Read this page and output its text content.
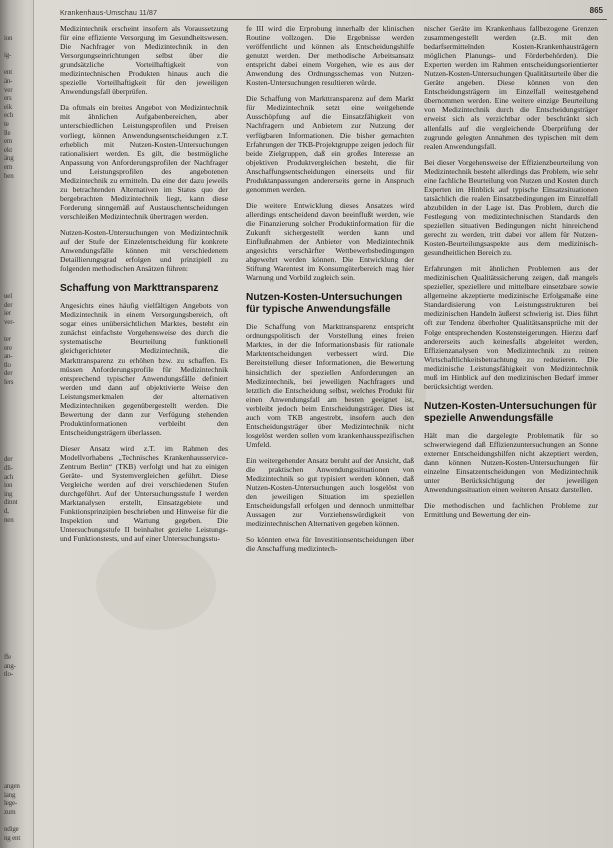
ion
ig-
ent
än-
ver
ers
eik
ech
te
lle
em
ekt
äng
ern
ben
uel
der
ier
ver-
ter
ere
an-
tlo
der
lers
der
dli-
ach
ion
ing
dinnt
d,
nen
ffe
ang-
tlo-
angen
iang
lege-
zum
ndige
ng ent
Krankenhaus-Umschau 11/87	865

Medizintechnik erscheint insofern als Voraussetzung für eine effiziente Versorgung im Gesundheitswesen. Die Nachfrager von Medizintechnik in den Versorgungseinrichtungen selbst über die grundsätzliche Vorteilhaftigkeit von medizintechnischen Produkten hinaus auch die spezielle Vorteilhaftigkeit für den jeweiligen Anwendungsfall überprüfen.

Da oftmals ein breites Angebot von Medizintechnik mit ähnlichen Aufgabenbereichen, aber unterschiedlichen Leistungsprofilen und Preisen vorliegt, können Anwendungsentscheidungen z.T. erheblich mit Nutzen-Kosten-Untersuchungen rationalisiert werden. Es gilt, die bestmögliche Anpassung von Anforderungsprofilen der Nachfrager und Leistungsprofilen des angebotenen Medizintechnik zu ermitteln. Da eine der dazu jeweils zu betrachtenden Alternativen im Status quo der bergebrachten Medizintechnik liegt, kann diese Forderung sinngemäß auf Austauschentscheidungen verschleißen Medizintechnik übertragen werden.

Nutzen-Kosten-Untersuchungen von Medizintechnik auf der Stufe der Einzelentscheidung für konkrete Anwendungsfälle können mit verschiedenem Detaillierungsgrad erfolgen und prinzipiell zu folgenden methodischen Ansätzen führen:

Schaffung von Markttransparenz

Angesichts eines häufig vielfältigen Angebots von Medizintechnik in einem Versorgungsbereich, oft sogar eines unübersichtlichen Marktes, besteht ein zunächst einfachste Vorgehensweise des durch die systematische Beurteilung funktionell gleichgerichteter Medizintechnik, die Markttransparenz zu erhöhen bzw. zu schaffen. Es müssen Anforderungsprofile für Medizintechnik entsprechend typischer Anwendungsfälle definiert werden und dann auf objektivierte Weise den Leistungsmerkmalen der alternativen Medizintechniken gegenübergestellt werden. Die Bewertung der dann zur Verfügung stehenden Produktinformationen verbleibt den Entscheidungsträgern überlassen.

Dieser Ansatz wird z.T. im Rahmen des Modellvorhabens „Technisches Krankenhausservice-Zentrum Berlin“ (TKB) verfolgt und hat zu einigen Geräte- und Systemvergleichen geführt. Diese Vergleiche werden auf drei verschiedenen Stufen durchgeführt. Auf der Untersuchungsstufe I werden Marktanalysen erstellt, Einsatzgebiete und Funktionsprinzipien beschrieben und Hinweise für die Inspektion und Wartung gegeben. Die Untersuchungsstufe II beinhaltet gezielte Leistungs- und Funktionstests, und auf einer Untersuchungsstu-

fe III wird die Erprobung innerhalb der klinischen Routine vollzogen. Die Ergebnisse werden veröffentlicht und können als Entscheidungshilfe genutzt werden. Der methodische Arbeitsansatz entspricht dabei einem Vorgehen, wie es aus der Anwendung des Ordnungsschemas von Nutzen-Kosten-Untersuchungen resultieren würde.

Die Schaffung von Markttransparenz auf dem Markt für Medizintechnik setzt eine weitgehende Ausschöpfung auf die Einsatzfähigkeit von Nachfragern und Anbietern zur Nutzung der verfügbaren Informationen. Die bisher gemachten Erfahrungen der TKB-Projektgruppe zeigen jedoch für beide Zielgruppen, daß ein großes Interesse an objektiven Produktvergleichen besteht, die für Anschaffungsentscheidungen einerseits und für Produktanpassungen andererseits gerne in Anspruch genommen werden.

Die weitere Entwicklung dieses Ansatzes wird allerdings entscheidend davon beeinflußt werden, wie die Finanzierung solcher Produktinformation für die Zukunft sichergestellt werden kann und Einflußnahmen der Anbieter von Medizintechnik angesichts verschärfter Wettbewerbsbedingungen abgewehrt werden können. Die Entwicklung der Stiftung Warentest im Konsumgüterbereich mag hier Warnung und Vorbild zugleich sein.

Nutzen-Kosten-Untersuchungen für typische Anwendungsfälle

Die Schaffung von Markttransparenz entspricht ordnungspolitisch der Vorstellung eines freien Marktes, in der die Informationsbasis für rationale Marktentscheidungen verbessert wird. Die Bereitstellung dieser Informationen, die Bewertung hinsichtlich der speziellen Anforderungen an Medizintechnik, bei jeweiligen Nachfragers und letztlich die Entscheidung selbst, welches Produkt für einen Anwendungsfall am besten geeignet ist, verbleibt jedoch beim Entscheidungsträger. Dies ist auch vom TKB angestrebt, insofern auch den Entscheidungsträger über Medizintechnik nicht losgelöst werden sollen vom krankenhausspezifischen Umfeld.

Ein weitergehender Ansatz beruht auf der Ansicht, daß die praktischen Anwendungssituationen von Medizintechnik so gut typisiert werden können, daß Nutzen-Kosten-Untersuchungen auch losgelöst von den jeweiligen Situation im speziellen Entscheidungsfall erfolgen und dennoch unmittelbar Aussagen zur Vorziehenswürdigkeit von medizintechnischen Alternativen gegeben können.

So könnten etwa für Investitionsentscheidungen über die Anschaffung medizintech-

nischer Geräte im Krankenhaus fallbezogene Grenzen zusammengestellt werden (z.B. mit den bedarfsermittelnden Kosten-Krankenhausträgern möglichen Planungs- und Förderbehörden). Die Experten werden im Rahmen entscheidungsorientierter Nutzen-Kosten-Untersuchungen Qualitätsurteile über die Geräte angeben. Diese können von den Entscheidungsträgern im Einzelfall weitestgehend übernommen werden. Eine weitere einzige Beurteilung von Medizintechnik durch die Entscheidungsträger erweist sich als verzichtbar oder beschränkt sich allenfalls auf die vergleichende Überprüfung der zugrunde gelegten Annahmen des typischen mit dem realen Anwendungsfall.

Bei dieser Vorgehensweise der Effizienzbeurteilung von Medizintechnik besteht allerdings das Problem, wie sehr eine fachliche Beurteilung von Nutzen und Kosten durch Experten im Hinblick auf typische Einsatzsituationen tatsächlich die realen Einsatzbedingungen im Einzelfall abzubilden in der Lage ist. Das Problem, durch die Festlegung von medizintechnischen Standards den speziellen situativen Bedingungen nicht hinreichend gerecht zu werden, tritt dabei vor allem für Nutzen-Kosten-Beurteilungsaspekte aus dem medizinisch-gesundheitlichen Bereich zu.

Erfahrungen mit ähnlichen Problemen aus der medizinischen Qualitätssicherung zeigen, daß mangels spezieller, speziellere und mittelbare einsetzbare sowie allgemeine akzeptierte medizinische Erfolgsmaße eine Standardisierung von Leistungsstrukturen bei medizinischen Handeln äußerst schwierig ist. Dies führt oft zur Tendenz überholter Qualitätsansprüche mit der Folge entsprechenden Kostensteigerungen. Hierzu darf andererseits auch keinesfalls abgeleitet werden, Effizienzanalysen von Medizintechnik zu reinen Wirtschaftlichkeitsbetrachtung zu reduzieren. Die medizinische Leistungsfähigkeit von Medizintechnik muß im Hinblick auf den medizinischen Bedarf immer berücksichtigt werden.

Nutzen-Kosten-Untersuchungen für spezielle Anwendungsfälle

Hält man die dargelegte Problematik für so schwerwiegend daß Effizienzuntersuchungen an Sonne externer Entscheidungshilfen nicht akzeptiert werden, dann können Nutzen-Kosten-Untersuchungen für einzelne Einsatzentscheidungen von Medizintechnik unter Berücksichtigung der jeweiligen Anwendungssituation einen weiteren Ansatz darstellen.

Die methodischen und fachlichen Probleme zur Ermittlung und Bewertung der ein-
